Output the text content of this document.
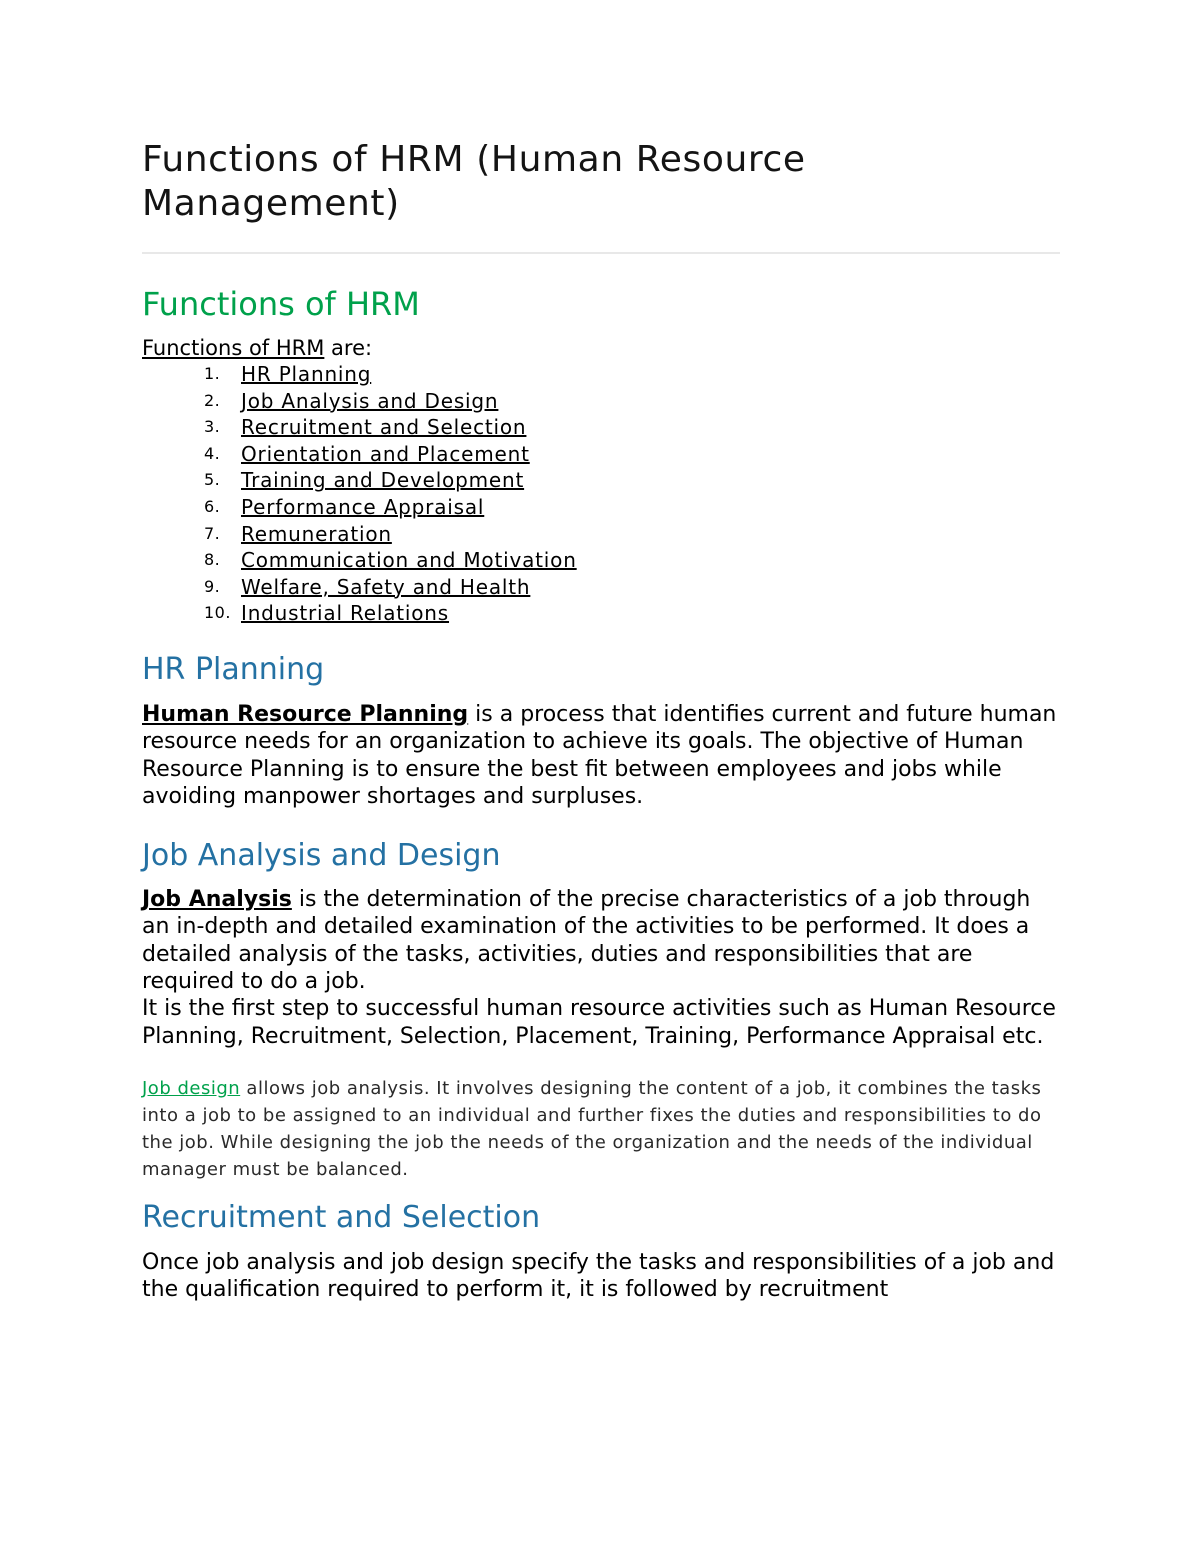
Functions of HRM (Human Resource Management)
Functions of HRM

Functions of HRM are:

1.	HR Planning
2.	Job Analysis and Design
3.	Recruitment and Selection
4.	Orientation and Placement
5.	Training and Development
6.	Performance Appraisal
7.	Remuneration
8.	Communication and Motivation
9.	Welfare, Safety and Health
10. Industrial Relations
HR Planning

Human Resource Planning is a process that identifies current and future human resource needs for an organization to achieve its goals. The objective of Human Resource Planning is to ensure the best fit between employees and jobs while avoiding manpower shortages and surpluses.

Job Analysis and Design

Job Analysis is the determination of the precise characteristics of a job through an in-depth and detailed examination of the activities to be performed. It does a detailed analysis of the tasks, activities, duties and responsibilities that are required to do a job.

It is the first step to successful human resource activities such as Human Resource Planning, Recruitment, Selection, Placement, Training, Performance Appraisal etc.

Job design allows job analysis. It involves designing the content of a job, it combines the tasks into a job to be assigned to an individual and further fixes the duties and responsibilities to do the job. While designing the job the needs of the organization and the needs of the individual manager must be balanced.

Recruitment and Selection

Once job analysis and job design specify the tasks and responsibilities of a job and the qualification required to perform it, it is followed by recruitment
